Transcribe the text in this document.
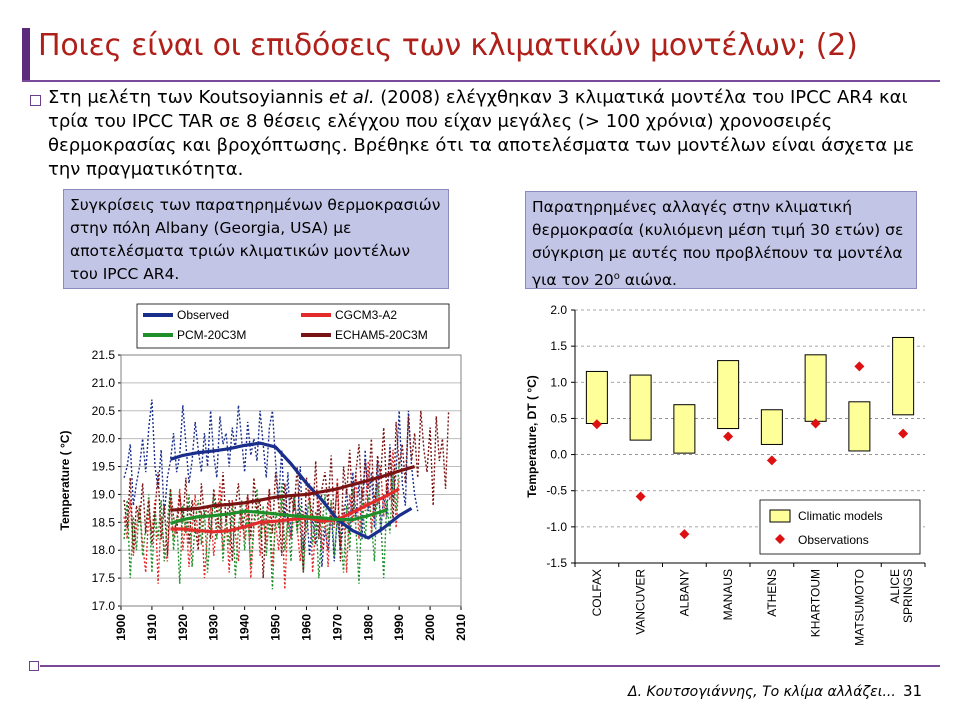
Ποιες είναι οι επιδόσεις των κλιματικών μοντέλων; (2)
Στη μελέτη των Koutsoyiannis et al. (2008) ελέγχθηκαν 3 κλιματικά μοντέλα του IPCC AR4 και τρία του IPCC TAR σε 8 θέσεις ελέγχου που είχαν μεγάλες (> 100 χρόνια) χρονοσειρές θερμοκρασίας και βροχόπτωσης. Βρέθηκε ότι τα αποτελέσματα των μοντέλων είναι άσχετα με την πραγματικότητα.
Συγκρίσεις των παρατηρημένων θερμοκρασιών στην πόλη Albany (Georgia, USA) με αποτελέσματα τριών κλιματικών μοντέλων του IPCC AR4.
Παρατηρημένες αλλαγές στην κλιματική θερμοκρασία (κυλιόμενη μέση τιμή 30 ετών) σε σύγκριση με αυτές που προβλέπουν τα μοντέλα για τον $20^o$ αιώνα.
17.0
17.5
18.0
18.5
19.0
19.5
20.0
20.5
21.0
21.5
1900 1910 1920 1930 1940 1950 1960 1970 1980 1990 2000 2010
Temperature ( °C)
Observed	CGCM3-A2
PCM-20C3M	ECHAM5-20C3M
-1.5
-1.0
-0.5
0.0
0.5
1.0
1.5
2.0
Temperature, DT ( °C)
COLFAX VANCUVER ALBANY MANAUS ATHENS KHARTOUM MATSUMOTO ALICESPRINGS
Climatic models
Observations
Δ. Κουτσογιάννης, Το κλίμα αλλάζει... 31
